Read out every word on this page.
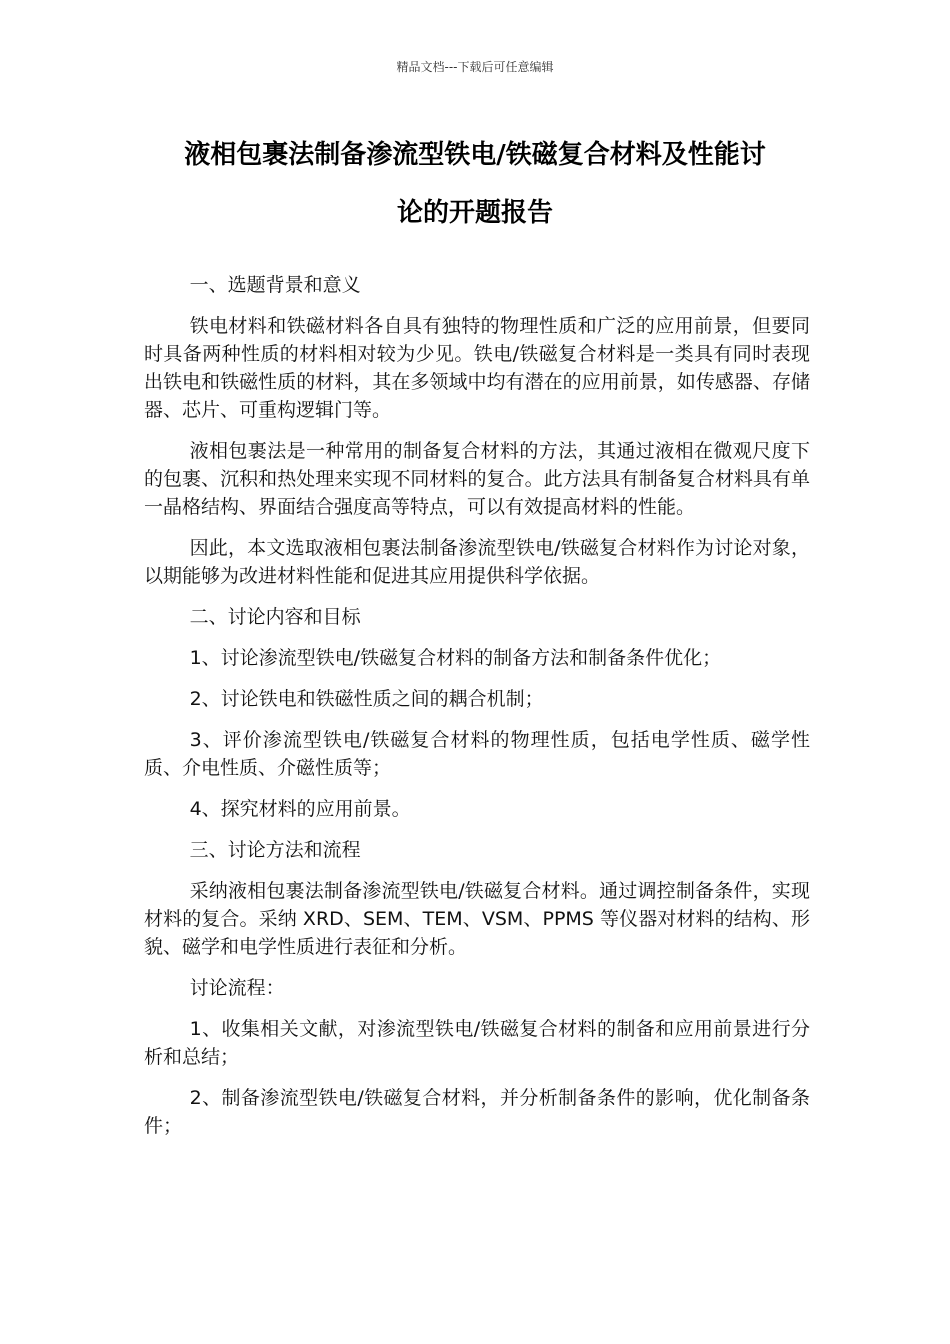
精品文档---下载后可任意编辑
液相包裹法制备渗流型铁电/铁磁复合材料及性能讨
论的开题报告

一、选题背景和意义

铁电材料和铁磁材料各自具有独特的物理性质和广泛的应用前景，但要同时具备两种性质的材料相对较为少见。铁电/铁磁复合材料是一类具有同时表现出铁电和铁磁性质的材料，其在多领域中均有潜在的应用前景，如传感器、存储器、芯片、可重构逻辑门等。

液相包裹法是一种常用的制备复合材料的方法，其通过液相在微观尺度下的包裹、沉积和热处理来实现不同材料的复合。此方法具有制备复合材料具有单一晶格结构、界面结合强度高等特点，可以有效提高材料的性能。

因此，本文选取液相包裹法制备渗流型铁电/铁磁复合材料作为讨论对象，以期能够为改进材料性能和促进其应用提供科学依据。

二、讨论内容和目标

1、讨论渗流型铁电/铁磁复合材料的制备方法和制备条件优化；

2、讨论铁电和铁磁性质之间的耦合机制；

3、评价渗流型铁电/铁磁复合材料的物理性质，包括电学性质、磁学性质、介电性质、介磁性质等；

4、探究材料的应用前景。

三、讨论方法和流程

采纳液相包裹法制备渗流型铁电/铁磁复合材料。通过调控制备条件，实现材料的复合。采纳 XRD、SEM、TEM、VSM、PPMS 等仪器对材料的结构、形貌、磁学和电学性质进行表征和分析。

讨论流程：

1、收集相关文献，对渗流型铁电/铁磁复合材料的制备和应用前景进行分析和总结；

2、制备渗流型铁电/铁磁复合材料，并分析制备条件的影响，优化制备条件；
